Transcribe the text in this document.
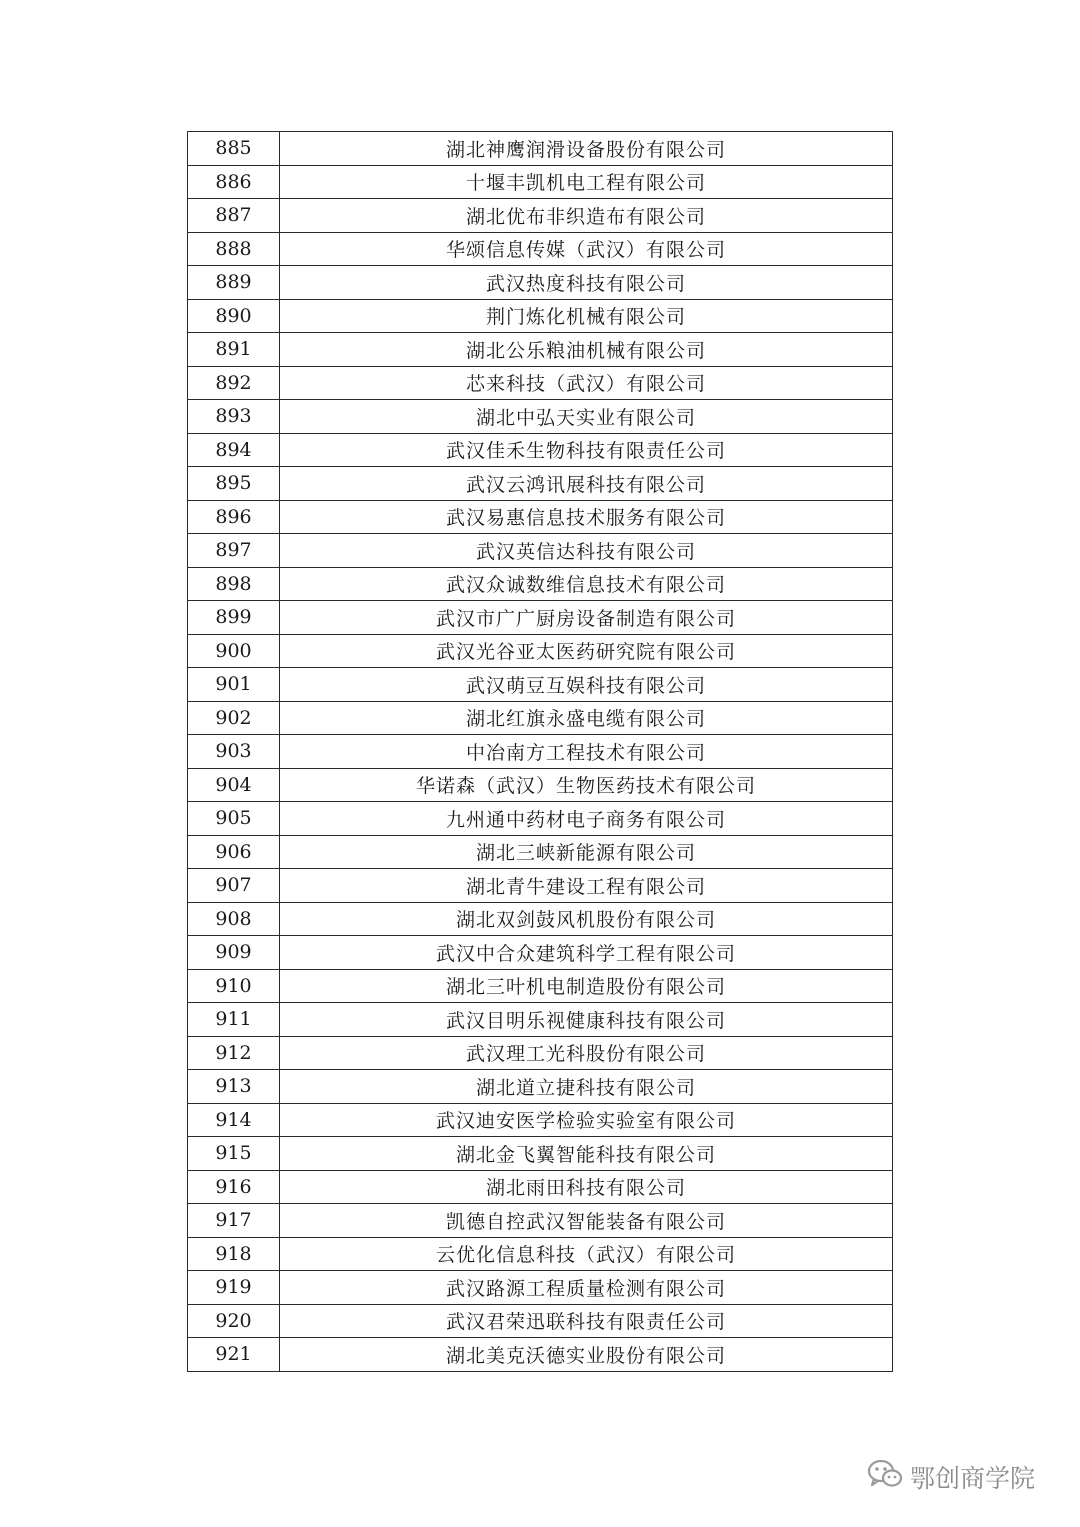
885	湖北神鹰润滑设备股份有限公司
886	十堰丰凯机电工程有限公司
887	湖北优布非织造布有限公司
888	华颂信息传媒（武汉）有限公司
889	武汉热度科技有限公司
890	荆门炼化机械有限公司
891	湖北公乐粮油机械有限公司
892	芯来科技（武汉）有限公司
893	湖北中弘天实业有限公司
894	武汉佳禾生物科技有限责任公司
895	武汉云鸿讯展科技有限公司
896	武汉易惠信息技术服务有限公司
897	武汉英信达科技有限公司
898	武汉众诚数维信息技术有限公司
899	武汉市广广厨房设备制造有限公司
900	武汉光谷亚太医药研究院有限公司
901	武汉萌豆互娱科技有限公司
902	湖北红旗永盛电缆有限公司
903	中冶南方工程技术有限公司
904	华诺森（武汉）生物医药技术有限公司
905	九州通中药材电子商务有限公司
906	湖北三峡新能源有限公司
907	湖北青牛建设工程有限公司
908	湖北双剑鼓风机股份有限公司
909	武汉中合众建筑科学工程有限公司
910	湖北三叶机电制造股份有限公司
911	武汉目明乐视健康科技有限公司
912	武汉理工光科股份有限公司
913	湖北道立捷科技有限公司
914	武汉迪安医学检验实验室有限公司
915	湖北金飞翼智能科技有限公司
916	湖北雨田科技有限公司
917	凯德自控武汉智能装备有限公司
918	云优化信息科技（武汉）有限公司
919	武汉路源工程质量检测有限公司
920	武汉君荣迅联科技有限责任公司
921	湖北美克沃德实业股份有限公司
鄂创商学院
